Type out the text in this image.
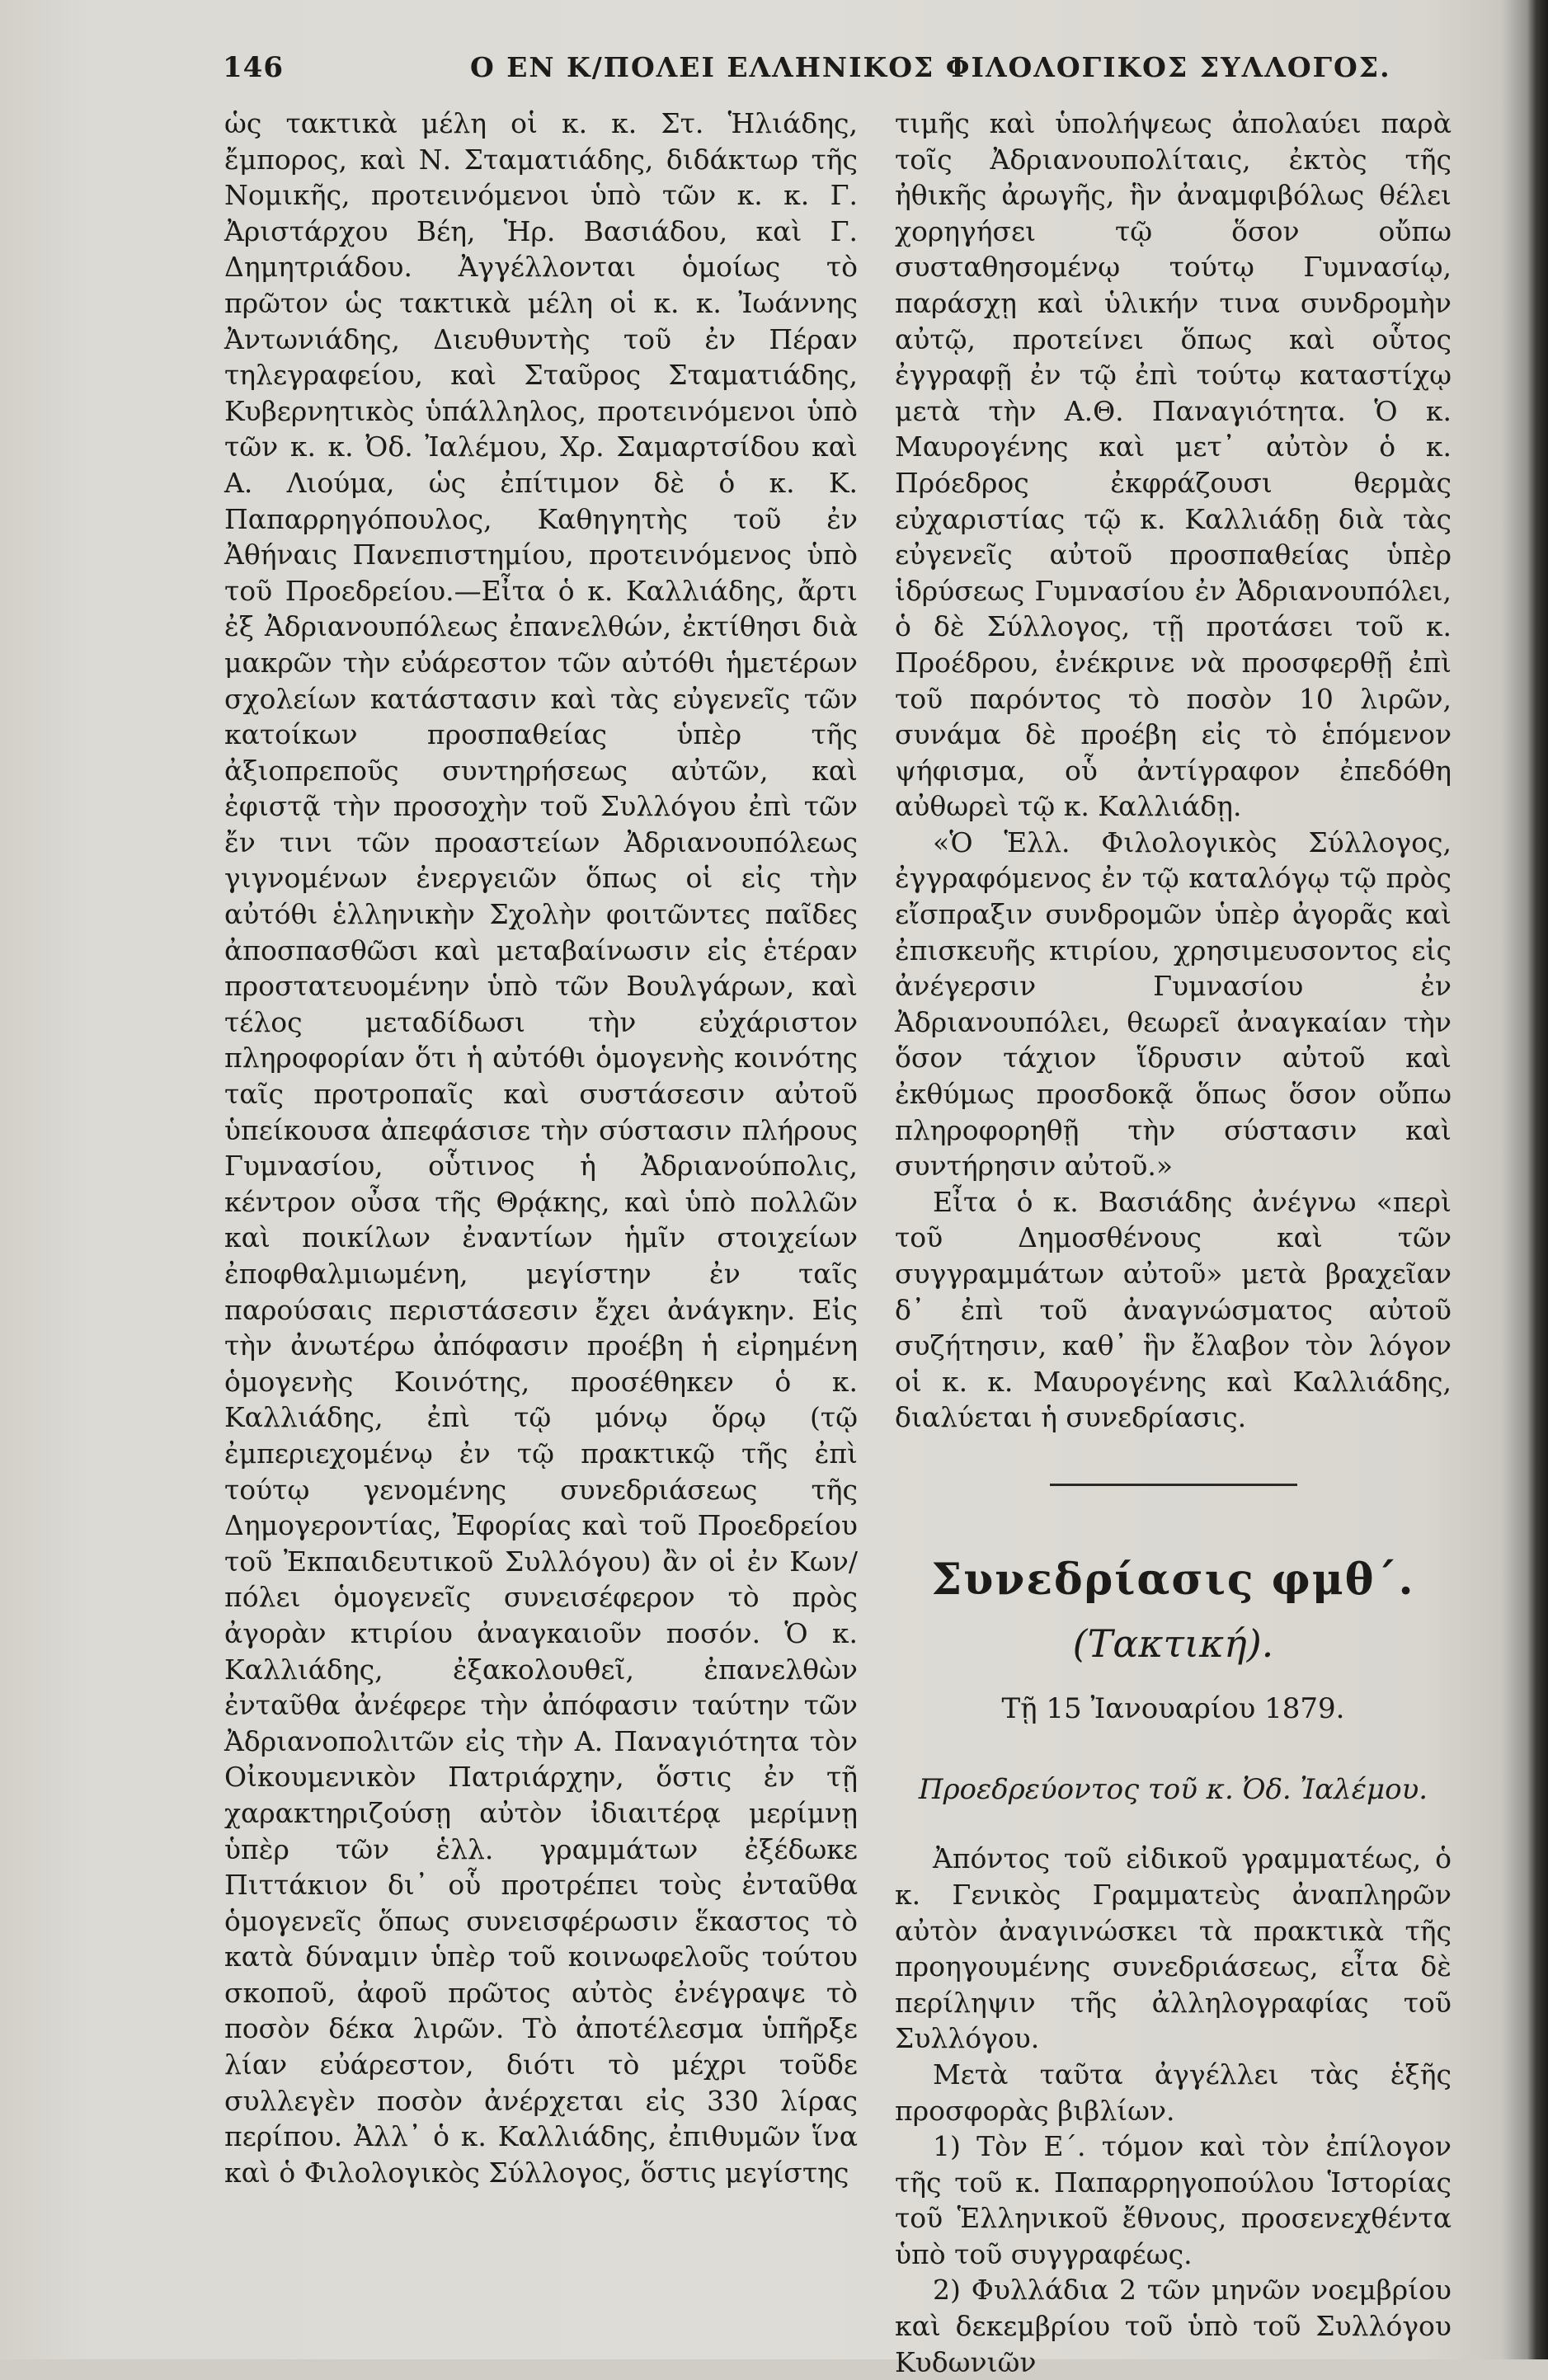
146	Ο ΕΝ Κ/ΠΟΛΕΙ ΕΛΛΗΝΙΚΟΣ ΦΙΛΟΛΟΓΙΚΟΣ ΣΥΛΛΟΓΟΣ.

ὡς τακτικὰ μέλη οἱ κ. κ. Στ. Ἡλιάδης, ἔμπορος, καὶ Ν. Σταματιάδης, διδάκτωρ τῆς Νομικῆς, προτεινόμενοι ὑπὸ τῶν κ. κ. Γ. Ἀριστάρχου Βέη, Ἡρ. Βασιάδου, καὶ Γ. Δημητριάδου. Ἀγγέλλονται ὁμοίως τὸ πρῶτον ὡς τακτικὰ μέλη οἱ κ. κ. Ἰωάννης Ἀντωνιάδης, Διευθυντὴς τοῦ ἐν Πέραν τηλεγραφείου, καὶ Σταῦρος Σταματιάδης, Κυβερνητικὸς ὑπάλληλος, προτεινόμενοι ὑπὸ τῶν κ. κ. Ὀδ. Ἰαλέμου, Χρ. Σαμαρτσίδου καὶ Α. Λιούμα, ὡς ἐπίτιμον δὲ ὁ κ. Κ. Παπαρρηγόπουλος, Καθηγητὴς τοῦ ἐν Ἀθήναις Πανεπιστημίου, προτεινόμενος ὑπὸ τοῦ Προεδρείου.—Εἶτα ὁ κ. Καλλιάδης, ἄρτι ἐξ Ἀδριανουπόλεως ἐπανελθών, ἐκτίθησι διὰ μακρῶν τὴν εὐάρεστον τῶν αὐτόθι ἡμετέρων σχολείων κατάστασιν καὶ τὰς εὐγενεῖς τῶν κατοίκων προσπαθείας ὑπὲρ τῆς ἀξιοπρεποῦς συντηρήσεως αὐτῶν, καὶ ἐφιστᾷ τὴν προσοχὴν τοῦ Συλλόγου ἐπὶ τῶν ἔν τινι τῶν προαστείων Ἀδριανουπόλεως γιγνομένων ἐνεργειῶν ὅπως οἱ εἰς τὴν αὐτόθι ἑλληνικὴν Σχολὴν φοιτῶντες παῖδες ἀποσπασθῶσι καὶ μεταβαίνωσιν εἰς ἑτέραν προστατευομένην ὑπὸ τῶν Βουλγάρων, καὶ τέλος μεταδίδωσι τὴν εὐχάριστον πληροφορίαν ὅτι ἡ αὐτόθι ὁμογενὴς κοινότης ταῖς προτροπαῖς καὶ συστάσεσιν αὐτοῦ ὑπείκουσα ἀπεφάσισε τὴν σύστασιν πλήρους Γυμνασίου, οὗτινος ἡ Ἀδριανούπολις, κέντρον οὖσα τῆς Θρᾴκης, καὶ ὑπὸ πολλῶν καὶ ποικίλων ἐναντίων ἡμῖν στοιχείων ἐποφθαλμιωμένη, μεγίστην ἐν ταῖς παρούσαις περιστάσεσιν ἔχει ἀνάγκην. Εἰς τὴν ἀνωτέρω ἀπόφασιν προέβη ἡ εἰρημένη ὁμογενὴς Κοινότης, προσέθηκεν ὁ κ. Καλλιάδης, ἐπὶ τῷ μόνῳ ὅρῳ (τῷ ἐμπεριεχομένῳ ἐν τῷ πρακτικῷ τῆς ἐπὶ τούτῳ γενομένης συνεδριάσεως τῆς Δημογεροντίας, Ἐφορίας καὶ τοῦ Προεδρείου τοῦ Ἐκπαιδευτικοῦ Συλλόγου) ἂν οἱ ἐν Κων/πόλει ὁμογενεῖς συνεισέφερον τὸ πρὸς ἀγορὰν κτιρίου ἀναγκαιοῦν ποσόν. Ὁ κ. Καλλιάδης, ἐξακολουθεῖ, ἐπανελθὼν ἐνταῦθα ἀνέφερε τὴν ἀπόφασιν ταύτην τῶν Ἀδριανοπολιτῶν εἰς τὴν Α. Παναγιότητα τὸν Οἰκουμενικὸν Πατριάρχην, ὅστις ἐν τῇ χαρακτηριζούσῃ αὐτὸν ἰδιαιτέρᾳ μερίμνῃ ὑπὲρ τῶν ἑλλ. γραμμάτων ἐξέδωκε Πιττάκιον δι᾽ οὗ προτρέπει τοὺς ἐνταῦθα ὁμογενεῖς ὅπως συνεισφέρωσιν ἕκαστος τὸ κατὰ δύναμιν ὑπὲρ τοῦ κοινωφελοῦς τούτου σκοποῦ, ἀφοῦ πρῶτος αὐτὸς ἐνέγραψε τὸ ποσὸν δέκα λιρῶν. Τὸ ἀποτέλεσμα ὑπῆρξε λίαν εὐάρεστον, διότι τὸ μέχρι τοῦδε συλλεγὲν ποσὸν ἀνέρχεται εἰς 330 λίρας περίπου. Ἀλλ᾽ ὁ κ. Καλλιάδης, ἐπιθυμῶν ἵνα καὶ ὁ Φιλολογικὸς Σύλλογος, ὅστις μεγίστης

τιμῆς καὶ ὑπολήψεως ἀπολαύει παρὰ τοῖς Ἀδριανουπολίταις, ἐκτὸς τῆς ἠθικῆς ἀρωγῆς, ἣν ἀναμφιβόλως θέλει χορηγήσει τῷ ὅσον οὔπω συσταθησομένῳ τούτῳ Γυμνασίῳ, παράσχῃ καὶ ὑλικήν τινα συνδρομὴν αὐτῷ, προτείνει ὅπως καὶ οὗτος ἐγγραφῇ ἐν τῷ ἐπὶ τούτῳ καταστίχῳ μετὰ τὴν Α.Θ. Παναγιότητα. Ὁ κ. Μαυρογένης καὶ μετ᾽ αὐτὸν ὁ κ. Πρόεδρος ἐκφράζουσι θερμὰς εὐχαριστίας τῷ κ. Καλλιάδῃ διὰ τὰς εὐγενεῖς αὐτοῦ προσπαθείας ὑπὲρ ἱδρύσεως Γυμνασίου ἐν Ἀδριανουπόλει, ὁ δὲ Σύλλογος, τῇ προτάσει τοῦ κ. Προέδρου, ἐνέκρινε νὰ προσφερθῇ ἐπὶ τοῦ παρόντος τὸ ποσὸν 10 λιρῶν, συνάμα δὲ προέβη εἰς τὸ ἑπόμενον ψήφισμα, οὗ ἀντίγραφον ἐπεδόθη αὐθωρεὶ τῷ κ. Καλλιάδῃ.

«Ὁ Ἑλλ. Φιλολογικὸς Σύλλογος, ἐγγραφόμενος ἐν τῷ καταλόγῳ τῷ πρὸς εἴσπραξιν συνδρομῶν ὑπὲρ ἀγορᾶς καὶ ἐπισκευῆς κτιρίου, χρησιμευσοντος εἰς ἀνέγερσιν Γυμνασίου ἐν Ἀδριανουπόλει, θεωρεῖ ἀναγκαίαν τὴν ὅσον τάχιον ἵδρυσιν αὐτοῦ καὶ ἐκθύμως προσδοκᾷ ὅπως ὅσον οὔπω πληροφορηθῇ τὴν σύστασιν καὶ συντήρησιν αὐτοῦ.»

Εἶτα ὁ κ. Βασιάδης ἀνέγνω «περὶ τοῦ Δημοσθένους καὶ τῶν συγγραμμάτων αὐτοῦ» μετὰ βραχεῖαν δ᾽ ἐπὶ τοῦ ἀναγνώσματος αὐτοῦ συζήτησιν, καθ᾽ ἣν ἔλαβον τὸν λόγον οἱ κ. κ. Μαυρογένης καὶ Καλλιάδης, διαλύεται ἡ συνεδρίασις.

Συνεδρίασις φμθ΄.
(Τακτική).
Τῇ 15 Ἰανουαρίου 1879.
Προεδρεύοντος τοῦ κ. Ὀδ. Ἰαλέμου.

Ἀπόντος τοῦ εἰδικοῦ γραμματέως, ὁ κ. Γενικὸς Γραμματεὺς ἀναπληρῶν αὐτὸν ἀναγινώσκει τὰ πρακτικὰ τῆς προηγουμένης συνεδριάσεως, εἶτα δὲ περίληψιν τῆς ἀλληλογραφίας τοῦ Συλλόγου.

Μετὰ ταῦτα ἀγγέλλει τὰς ἑξῆς προσφορὰς βιβλίων.

1) Τὸν Ε΄. τόμον καὶ τὸν ἐπίλογον τῆς τοῦ κ. Παπαρρηγοπούλου Ἱστορίας τοῦ Ἑλληνικοῦ ἔθνους, προσενεχθέντα ὑπὸ τοῦ συγγραφέως.

2) Φυλλάδια 2 τῶν μηνῶν νοεμβρίου καὶ δεκεμβρίου τοῦ ὑπὸ τοῦ Συλλόγου Κυδωνιῶν
